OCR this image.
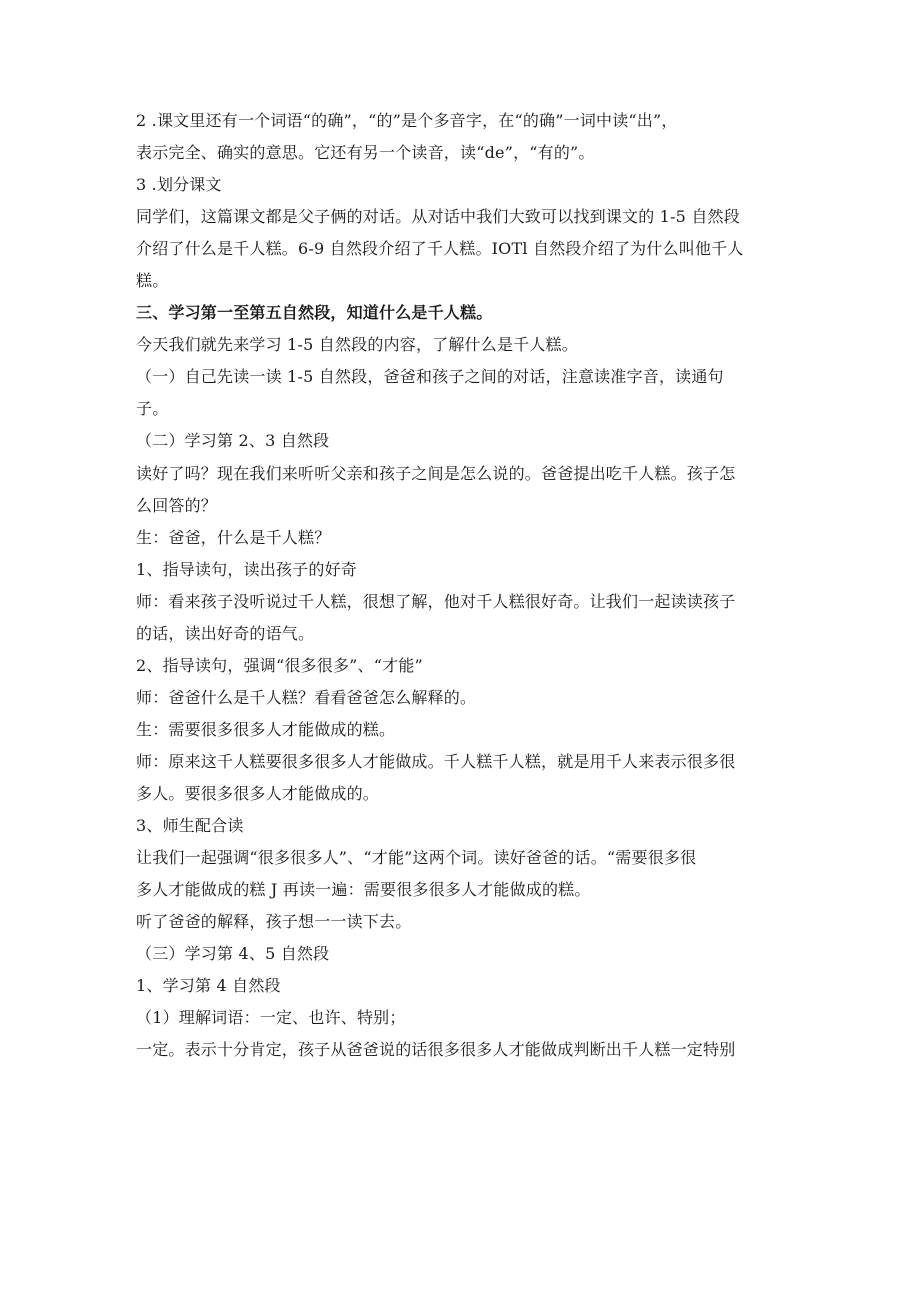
2 .课文里还有一个词语“的确”，“的”是个多音字，在“的确”一词中读“出”，
表示完全、确实的意思。它还有另一个读音，读“de”，“有的”。
3 .划分课文
同学们，这篇课文都是父子俩的对话。从对话中我们大致可以找到课文的 1-5 自然段
介绍了什么是千人糕。6-9 自然段介绍了千人糕。IOTl 自然段介绍了为什么叫他千人
糕。
三、学习第一至第五自然段，知道什么是千人糕。
今天我们就先来学习 1-5 自然段的内容，了解什么是千人糕。
（一）自己先读一读 1-5 自然段，爸爸和孩子之间的对话，注意读准字音，读通句
子。
（二）学习第 2、3 自然段
读好了吗？现在我们来听听父亲和孩子之间是怎么说的。爸爸提出吃千人糕。孩子怎
么回答的？
生：爸爸，什么是千人糕？
1、指导读句，读出孩子的好奇
师：看来孩子没听说过千人糕，很想了解，他对千人糕很好奇。让我们一起读读孩子
的话，读出好奇的语气。
2、指导读句，强调“很多很多”、“才能”
师：爸爸什么是千人糕？看看爸爸怎么解释的。
生：需要很多很多人才能做成的糕。
师：原来这千人糕要很多很多人才能做成。千人糕千人糕，就是用千人来表示很多很
多人。要很多很多人才能做成的。
3、师生配合读
让我们一起强调“很多很多人”、“才能”这两个词。读好爸爸的话。“需要很多很
多人才能做成的糕 J 再读一遍：需要很多很多人才能做成的糕。
听了爸爸的解释，孩子想一一读下去。
（三）学习第 4、5 自然段
1、学习第 4 自然段
（1）理解词语：一定、也许、特别；
一定。表示十分肯定，孩子从爸爸说的话很多很多人才能做成判断出千人糕一定特别
